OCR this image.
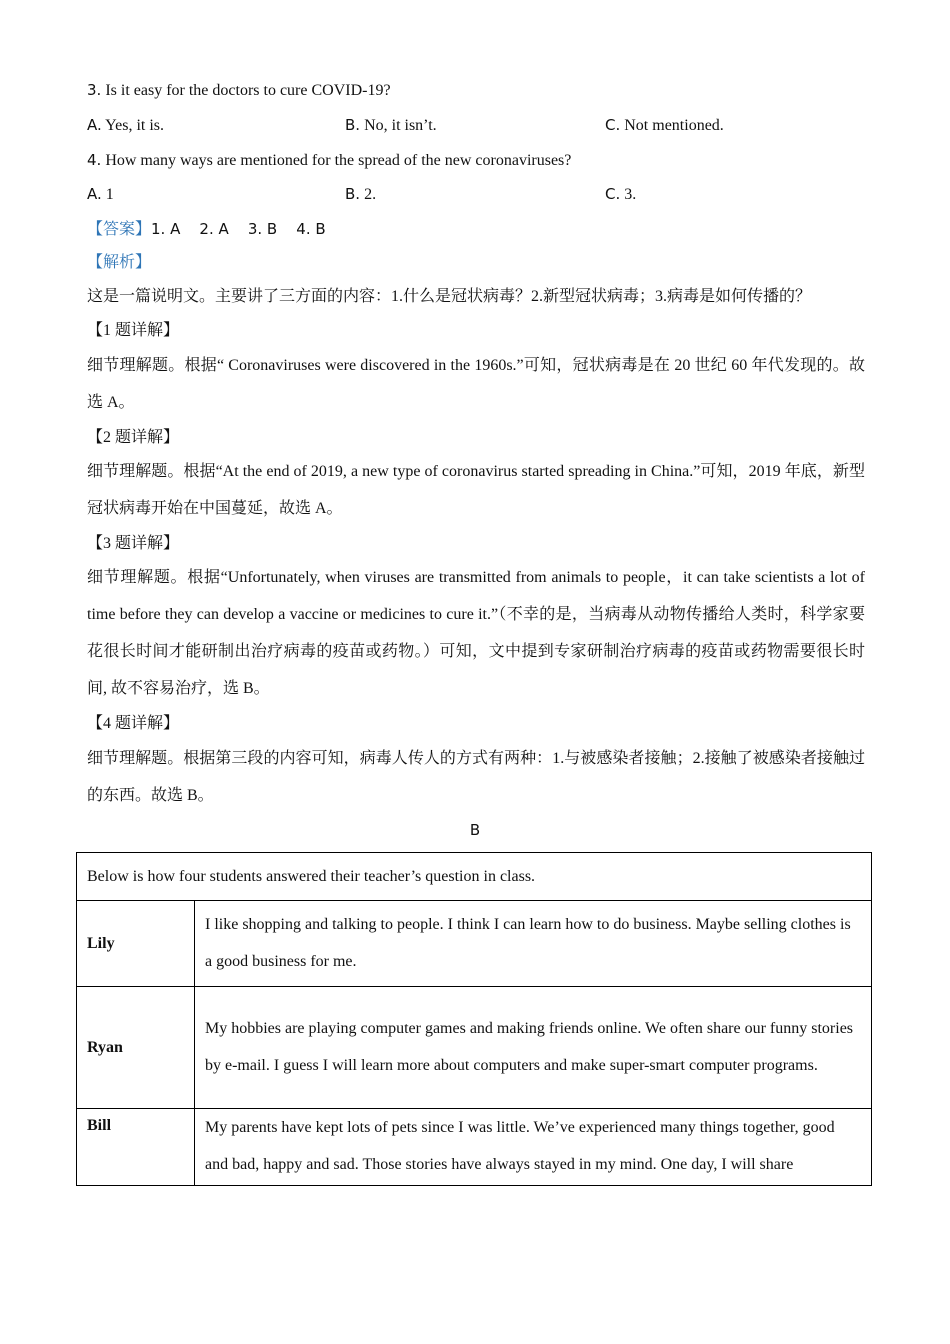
3. Is it easy for the doctors to cure COVID-19?
A. Yes, it is.	B. No, it isn’t.	C. Not mentioned.
4. How many ways are mentioned for the spread of the new coronaviruses?
A. 1	B. 2.	C. 3.
【答案】1. A    2. A    3. B    4. B
【解析】
这是一篇说明文。主要讲了三方面的内容：1.什么是冠状病毒？2.新型冠状病毒；3.病毒是如何传播的？
【1 题详解】
细节理解题。根据“ Coronaviruses were discovered in the 1960s.”可知，冠状病毒是在 20 世纪 60 年代发现的。故选 A。
【2 题详解】
细节理解题。根据“At the end of 2019, a new type of coronavirus started spreading in China.”可知，2019 年底，新型冠状病毒开始在中国蔓延，故选 A。
【3 题详解】
细节理解题。根据“Unfortunately, when viruses are transmitted from animals to people，it can take scientists a lot of time before they can develop a vaccine or medicines to cure it.”（不幸的是，当病毒从动物传播给人类时，科学家要花很长时间才能研制出治疗病毒的疫苗或药物。）可知，文中提到专家研制治疗病毒的疫苗或药物需要很长时间, 故不容易治疗，选 B。
【4 题详解】
细节理解题。根据第三段的内容可知，病毒人传人的方式有两种：1.与被感染者接触；2.接触了被感染者接触过的东西。故选 B。
B
Below is how four students answered their teacher’s question in class.	
Lily	I like shopping and talking to people. I think I can learn how to do business. Maybe selling clothes is a good business for me.
Ryan	My hobbies are playing computer games and making friends online. We often share our funny stories by e-mail. I guess I will learn more about computers and make super-smart computer programs.
Bill	My parents have kept lots of pets since I was little. We’ve experienced many things together, good and bad, happy and sad. Those stories have always stayed in my mind. One day, I will share
